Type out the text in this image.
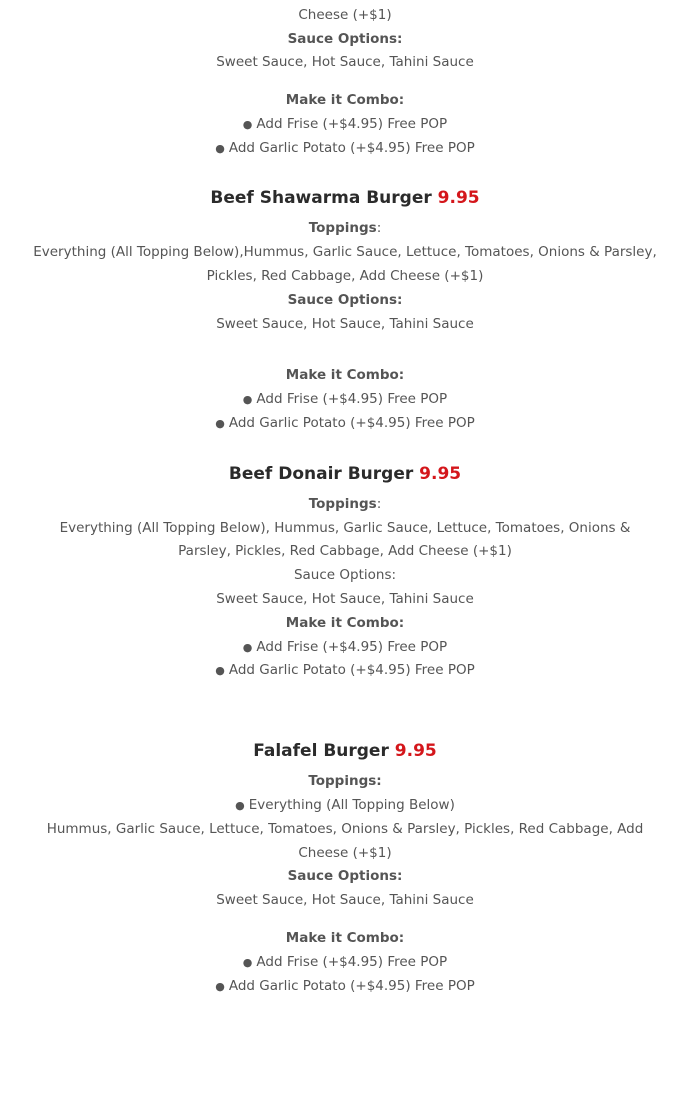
Cheese (+$1)
Sauce Options:
Sweet Sauce, Hot Sauce, Tahini Sauce
Make it Combo:
● Add Frise (+$4.95) Free POP
● Add Garlic Potato (+$4.95) Free POP
Beef Shawarma Burger 9.95
Toppings:
Everything (All Topping Below),Hummus, Garlic Sauce, Lettuce, Tomatoes, Onions & Parsley,
Pickles, Red Cabbage, Add Cheese (+$1)
Sauce Options:
Sweet Sauce, Hot Sauce, Tahini Sauce
Make it Combo:
● Add Frise (+$4.95) Free POP
● Add Garlic Potato (+$4.95) Free POP
Beef Donair Burger 9.95
Toppings:
Everything (All Topping Below), Hummus, Garlic Sauce, Lettuce, Tomatoes, Onions &
Parsley, Pickles, Red Cabbage, Add Cheese (+$1)
Sauce Options:
Sweet Sauce, Hot Sauce, Tahini Sauce
Make it Combo:
● Add Frise (+$4.95) Free POP
● Add Garlic Potato (+$4.95) Free POP
Falafel Burger 9.95
Toppings:
● Everything (All Topping Below)
Hummus, Garlic Sauce, Lettuce, Tomatoes, Onions & Parsley, Pickles, Red Cabbage, Add
Cheese (+$1)
Sauce Options:
Sweet Sauce, Hot Sauce, Tahini Sauce
Make it Combo:
● Add Frise (+$4.95) Free POP
● Add Garlic Potato (+$4.95) Free POP
